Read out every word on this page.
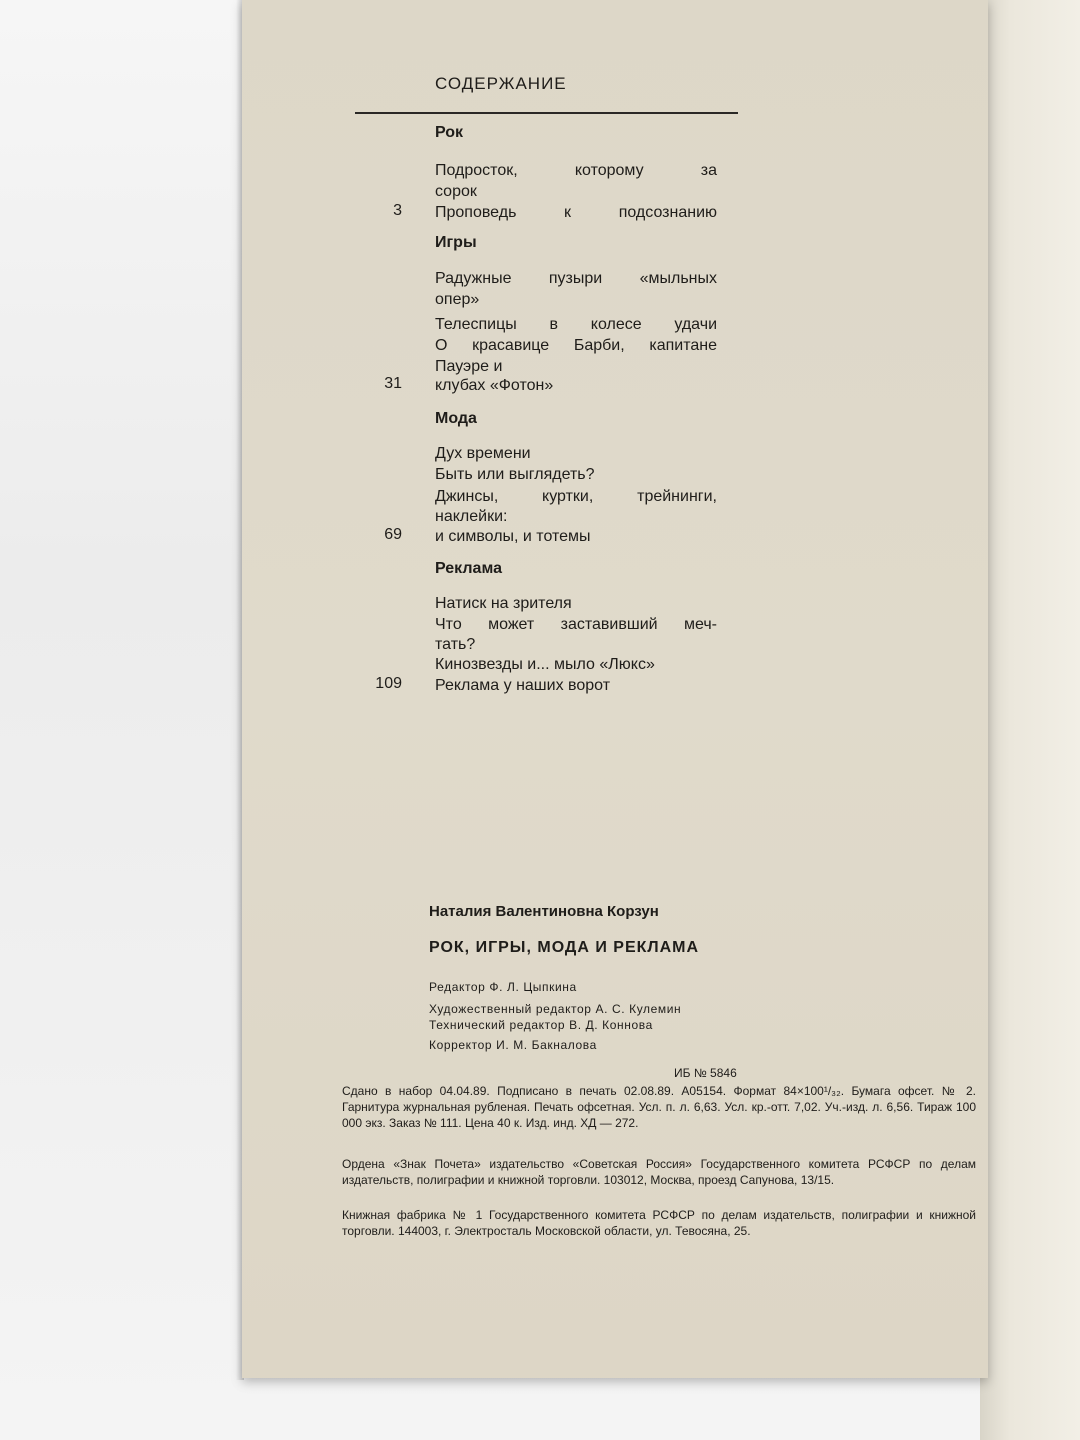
СОДЕРЖАНИЕ
Рок
Подросток, которому за
сорок
3 Проповедь к подсознанию
Игры
Радужные пузыри «мыльных
опер»
Телеспицы в колесе удачи
О красавице Барби, капитане
Пауэре и
31 клубах «Фотон»
Мода
Дух времени
Быть или выглядеть?
Джинсы, куртки, трейнинги,
наклейки:
69 и символы, и тотемы
Реклама
Натиск на зрителя
Что может заставивший меч-
тать?
Кинозвезды и... мыло «Люкс»
109 Реклама у наших ворот
Наталия Валентиновна Корзун
РОК, ИГРЫ, МОДА И РЕКЛАМА
Редактор Ф. Л. Цыпкина
Художественный редактор А. С. Кулемин
Технический редактор В. Д. Коннова
Корректор И. М. Бакналова
ИБ № 5846
Сдано в набор 04.04.89. Подписано в печать 02.08.89. А05154. Формат 84×100¹/₃₂. Бумага офсет. № 2. Гарнитура журнальная рубленая. Печать офсетная. Усл. п. л. 6,63. Усл. кр.-отт. 7,02. Уч.-изд. л. 6,56. Тираж 100 000 экз. Заказ № 111. Цена 40 к. Изд. инд. ХД — 272.
Ордена «Знак Почета» издательство «Советская Россия» Государственного комитета РСФСР по делам издательств, полиграфии и книжной торговли. 103012, Москва, проезд Сапунова, 13/15.
Книжная фабрика № 1 Государственного комитета РСФСР по делам издательств, полиграфии и книжной торговли. 144003, г. Электросталь Московской области, ул. Тевосяна, 25.
